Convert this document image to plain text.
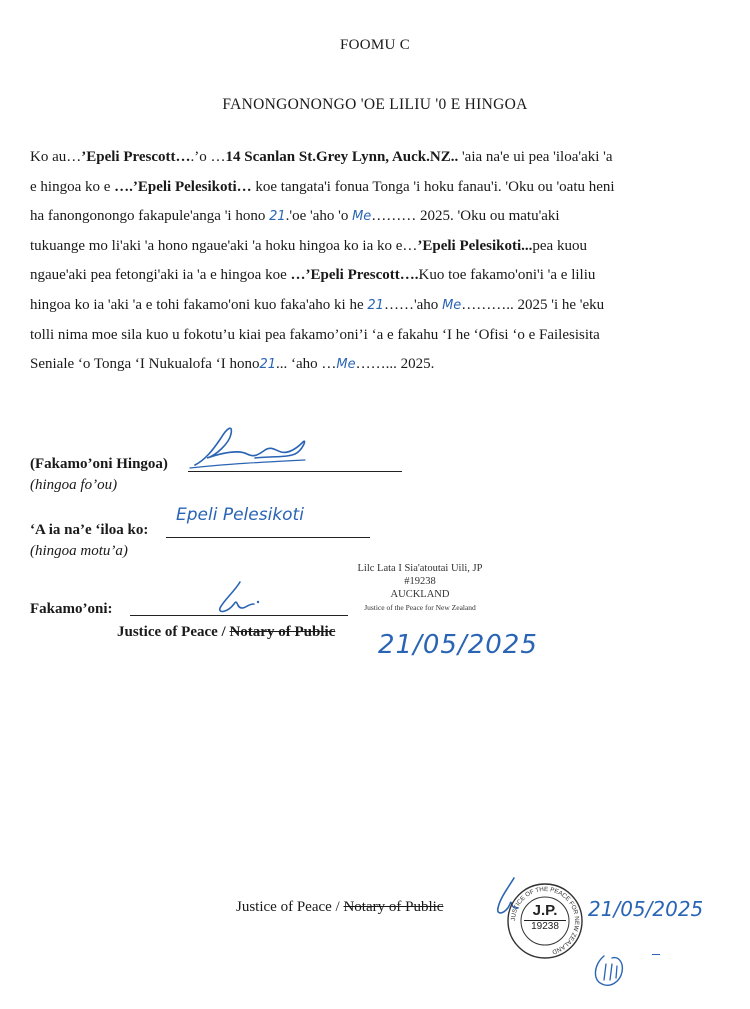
FOOMU C
FANONGONONGO 'OE LILIU '0 E HINGOA
Ko au…’Epeli Prescott….’o …14 Scanlan St.Grey Lynn, Auck.NZ.. 'aia na'e ui pea 'iloa'aki 'a
e hingoa ko e ….’Epeli Pelesikoti… koe tangata'i fonua Tonga 'i hoku fanau'i. 'Oku ou 'oatu heni
ha fanongonongo fakapule'anga 'i hono 21.'oe 'aho 'o Me……… 2025. 'Oku ou matu'aki
tukuange mo li'aki 'a hono ngaue'aki 'a hoku hingoa ko ia ko e…’Epeli Pelesikoti...pea kuou
ngaue'aki pea fetongi'aki ia 'a e hingoa koe …’Epeli Prescott….Kuo toe fakamo'oni'i 'a e liliu
hingoa ko ia 'aki 'a e tohi fakamo'oni kuo faka'aho ki he 21……'aho Me……….. 2025 'i he 'eku
tolli nima moe sila kuo u fokotu’u kiai pea fakamo’oni’i ‘a e fakahu ‘I he ‘Ofisi ‘o e Failesisita
Seniale ‘o Tonga ‘I Nukualofa ‘I hono21... ‘aho …Me……... 2025.
(Fakamo’oni Hingoa)
(hingoa fo’ou)
‘A ia na’e ‘iloa ko:
Epeli Pelesikoti
(hingoa motu’a)
Fakamo’oni:
Lilc Lata I Sia'atoutai Uili, JP
#19238
AUCKLAND
Justice of the Peace for New Zealand
Justice of Peace / Notary of Public 21/05/2025
Justice of Peace / Notary of Public
JUSTICE OF THE PEACE FOR NEW ZEALAND
J.P.
19238
21/05/2025
